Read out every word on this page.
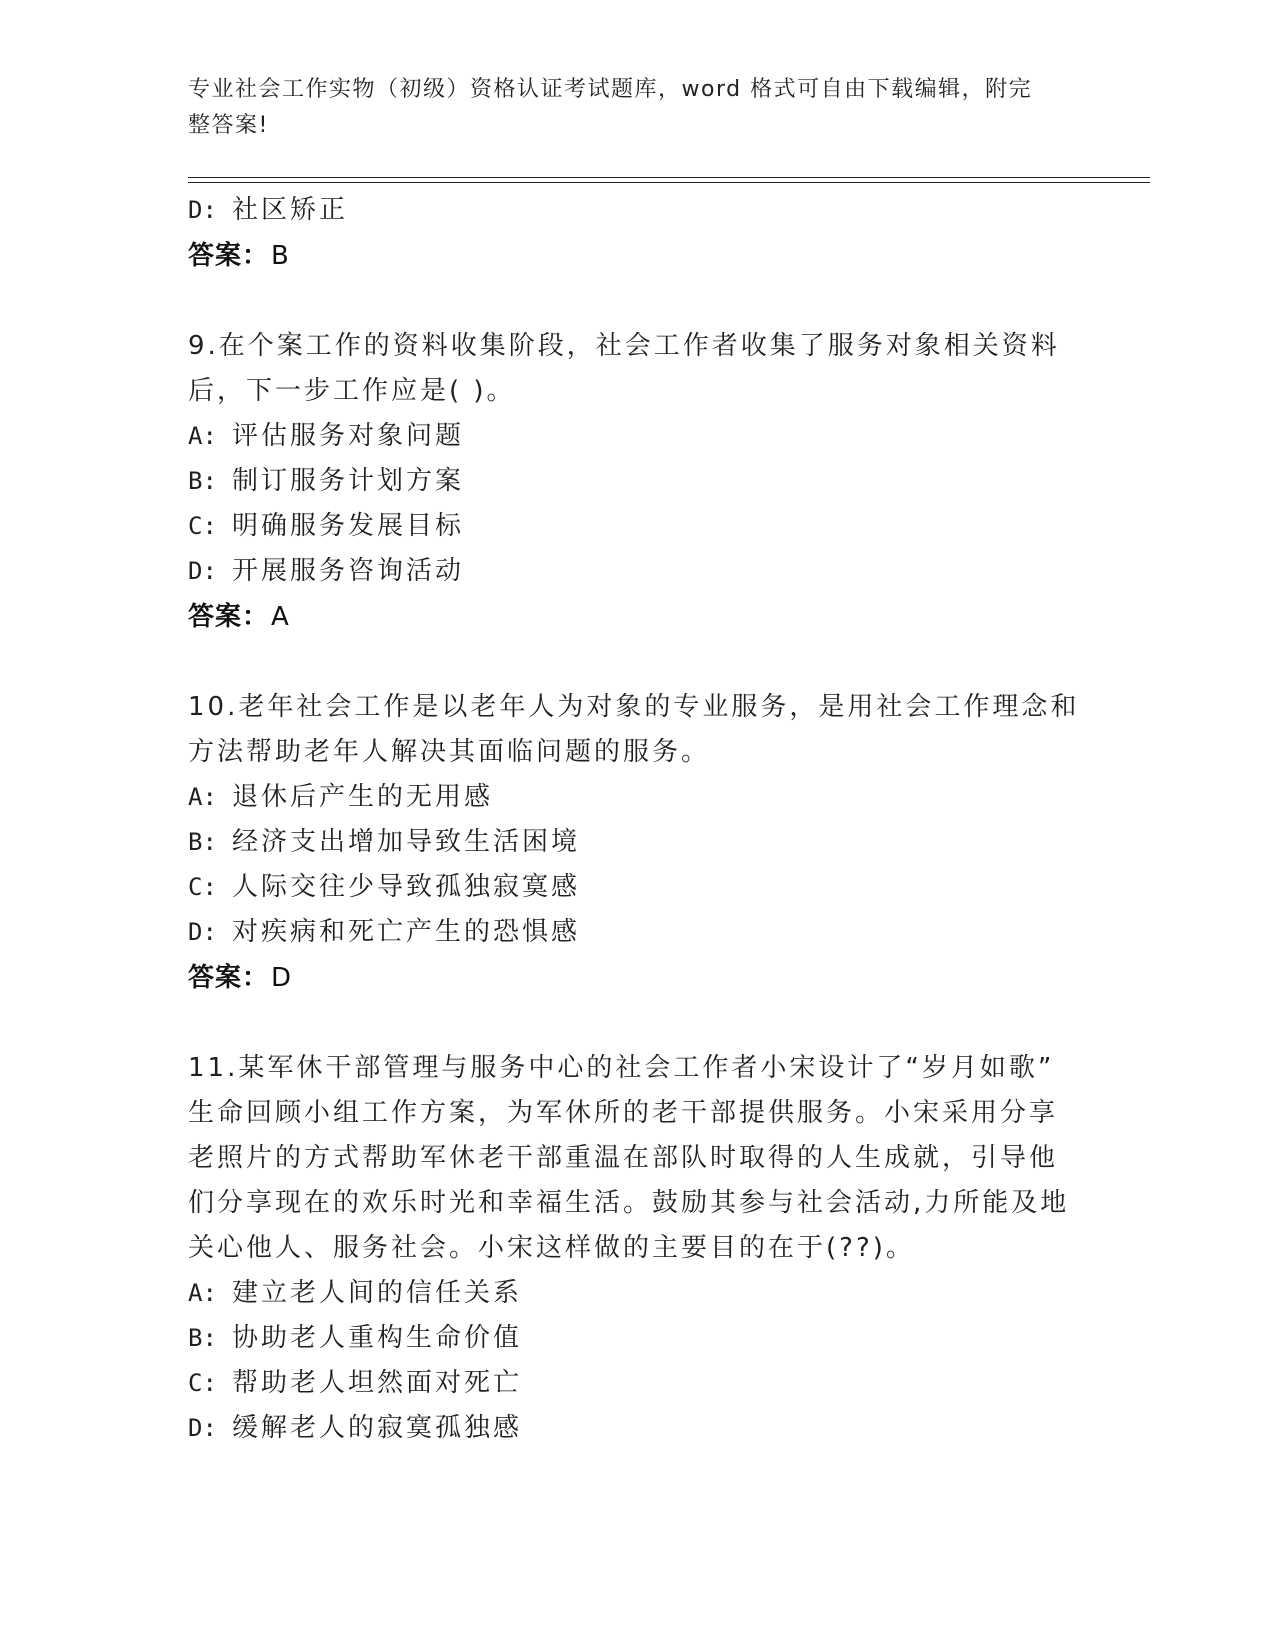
专业社会工作实物（初级）资格认证考试题库，word 格式可自由下载编辑，附完
整答案!
D: 社区矫正
答案：B
9.在个案工作的资料收集阶段，社会工作者收集了服务对象相关资料
后，下一步工作应是( )。
A: 评估服务对象问题
B: 制订服务计划方案
C: 明确服务发展目标
D: 开展服务咨询活动
答案：A
10.老年社会工作是以老年人为对象的专业服务，是用社会工作理念和
方法帮助老年人解决其面临问题的服务。
A: 退休后产生的无用感
B: 经济支出增加导致生活困境
C: 人际交往少导致孤独寂寞感
D: 对疾病和死亡产生的恐惧感
答案：D
11.某军休干部管理与服务中心的社会工作者小宋设计了“岁月如歌”
生命回顾小组工作方案，为军休所的老干部提供服务。小宋采用分享
老照片的方式帮助军休老干部重温在部队时取得的人生成就，引导他
们分享现在的欢乐时光和幸福生活。鼓励其参与社会活动,力所能及地
关心他人、服务社会。小宋这样做的主要目的在于(??)。
A: 建立老人间的信任关系
B: 协助老人重构生命价值
C: 帮助老人坦然面对死亡
D: 缓解老人的寂寞孤独感
